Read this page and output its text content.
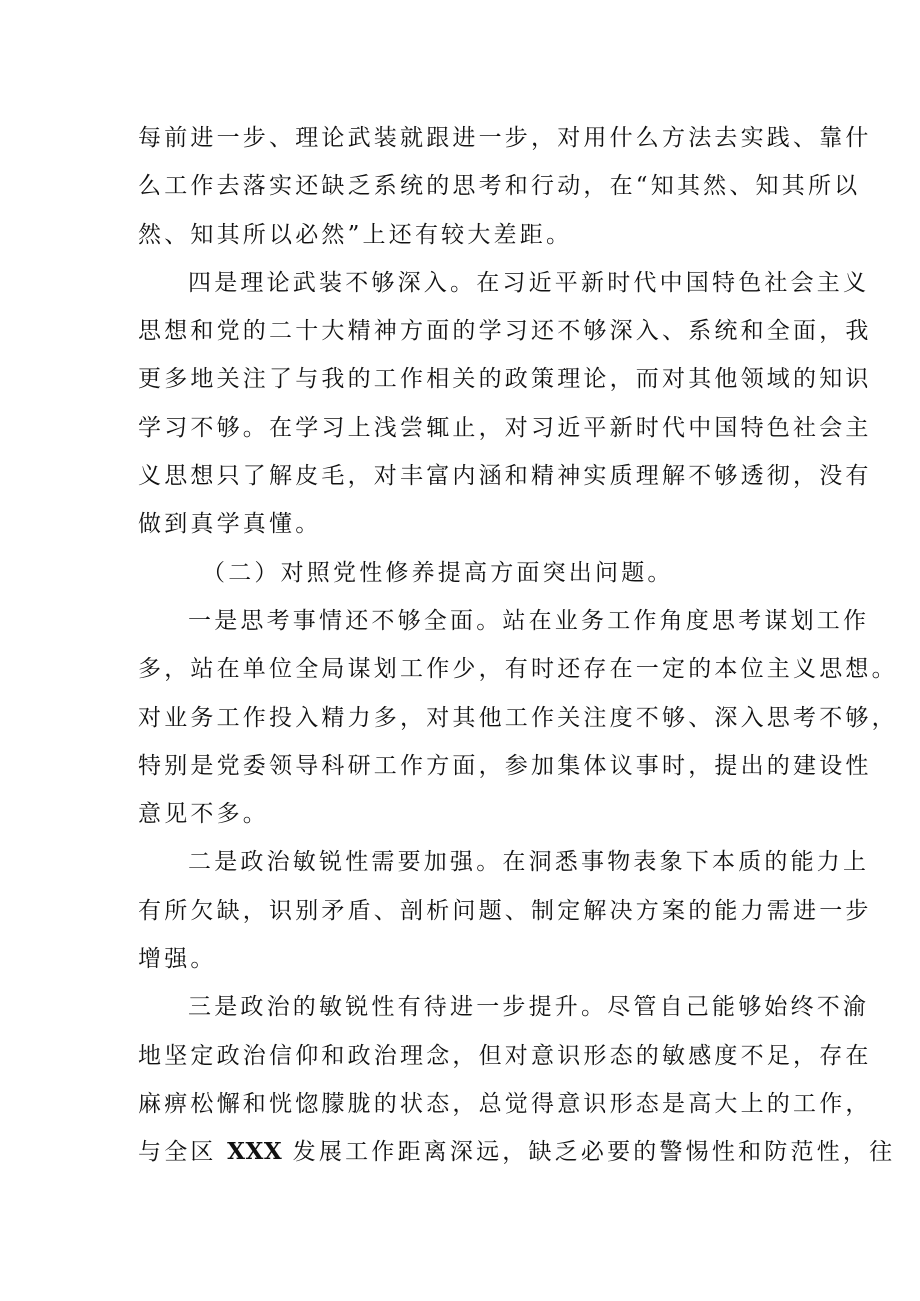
每前进一步、理论武装就跟进一步，对用什么方法去实践、靠什
么工作去落实还缺乏系统的思考和行动，在“知其然、知其所以
然、知其所以必然”上还有较大差距。
四是理论武装不够深入。在习近平新时代中国特色社会主义
思想和党的二十大精神方面的学习还不够深入、系统和全面，我
更多地关注了与我的工作相关的政策理论，而对其他领域的知识
学习不够。在学习上浅尝辄止，对习近平新时代中国特色社会主
义思想只了解皮毛，对丰富内涵和精神实质理解不够透彻，没有
做到真学真懂。
（二）对照党性修养提高方面突出问题。
一是思考事情还不够全面。站在业务工作角度思考谋划工作
多，站在单位全局谋划工作少，有时还存在一定的本位主义思想。
对业务工作投入精力多，对其他工作关注度不够、深入思考不够，
特别是党委领导科研工作方面，参加集体议事时，提出的建设性
意见不多。
二是政治敏锐性需要加强。在洞悉事物表象下本质的能力上
有所欠缺，识别矛盾、剖析问题、制定解决方案的能力需进一步
增强。
三是政治的敏锐性有待进一步提升。尽管自己能够始终不渝
地坚定政治信仰和政治理念，但对意识形态的敏感度不足，存在
麻痹松懈和恍惚朦胧的状态，总觉得意识形态是高大上的工作，
与全区 XXX 发展工作距离深远，缺乏必要的警惕性和防范性，往
